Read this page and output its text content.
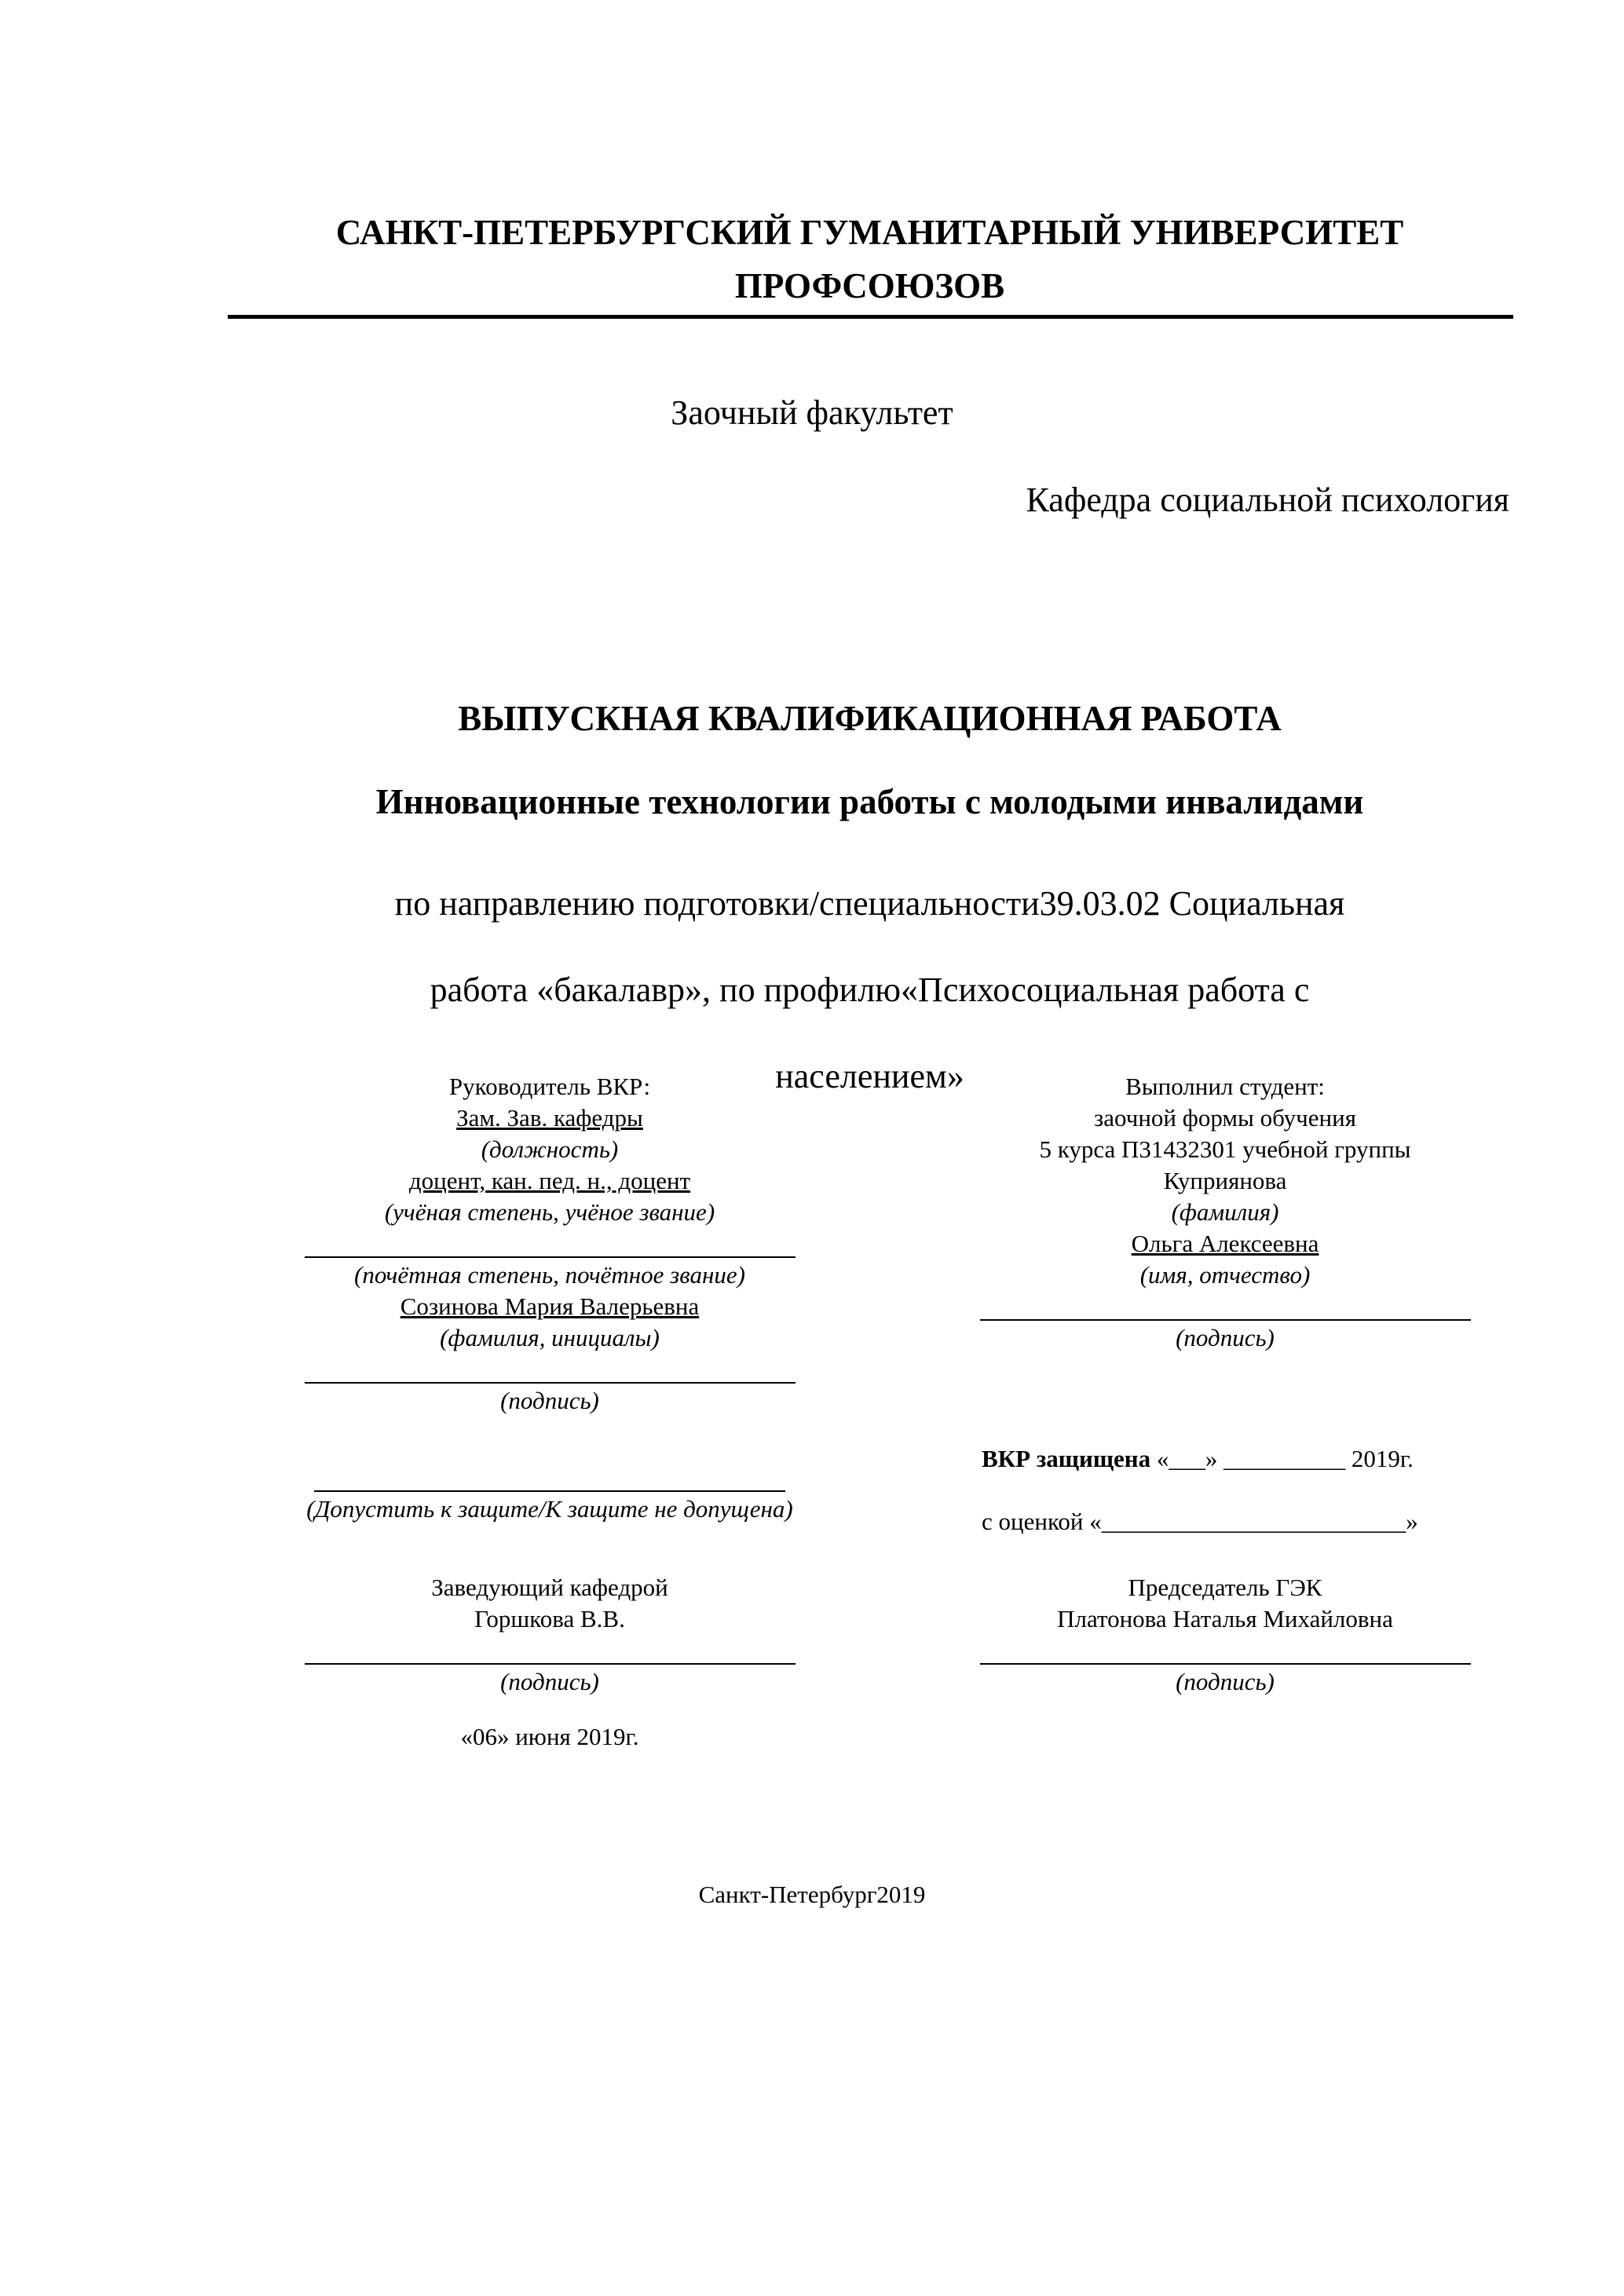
САНКТ-ПЕТЕРБУРГСКИЙ ГУМАНИТАРНЫЙ УНИВЕРСИТЕТ
ПРОФСОЮЗОВ
Заочный факультет
Кафедра социальной психология
ВЫПУСКНАЯ КВАЛИФИКАЦИОННАЯ РАБОТА
Инновационные технологии работы с молодыми инвалидами
по направлению подготовки/специальности39.03.02 Социальная
работа «бакалавр», по профилю«Психосоциальная работа с
населением»
Руководитель ВКР:
Зам. Зав. кафедры
(должность)
доцент, кан. пед. н., доцент
(учёная степень, учёное звание)
(почётная степень, почётное звание)
Созинова Мария Валерьевна
(фамилия, инициалы)
(подпись)
Выполнил студент:
заочной формы обучения
5 курса П31432301 учебной группы
Куприянова
(фамилия)
Ольга Алексеевна
(имя, отчество)
(подпись)
ВКР защищена «___» __________ 2019г.
с оценкой «_________________________»
(Допустить к защите/К защите не допущена)
Заведующий кафедрой
Горшкова В.В.
(подпись)
«06» июня 2019г.
Председатель ГЭК
Платонова Наталья Михайловна
(подпись)
Санкт-Петербург2019
